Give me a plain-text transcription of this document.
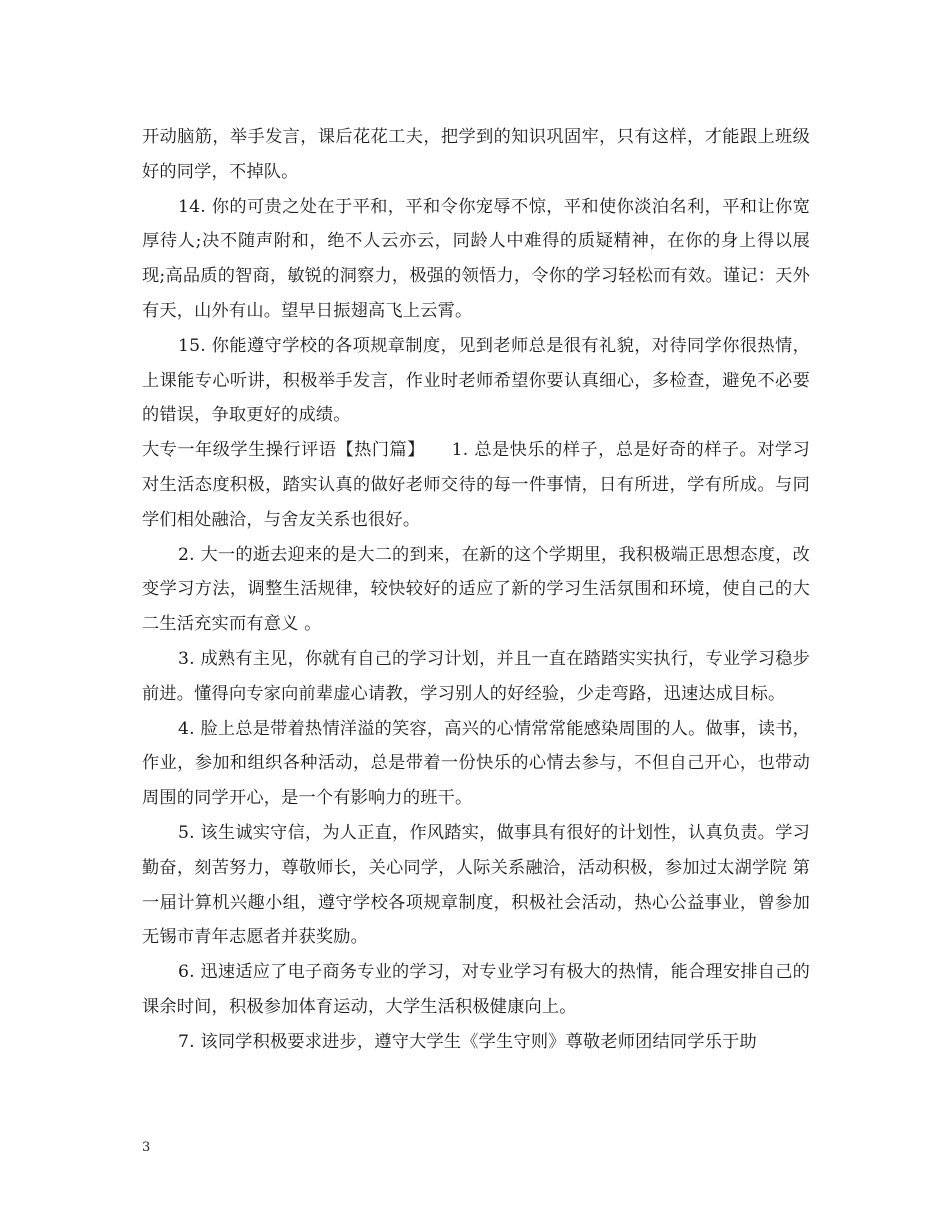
开动脑筋，举手发言，课后花花工夫，把学到的知识巩固牢，只有这样，才能跟上班级好的同学，不掉队。

14. 你的可贵之处在于平和，平和令你宠辱不惊，平和使你淡泊名利，平和让你宽厚待人;决不随声附和，绝不人云亦云，同龄人中难得的质疑精神，在你的身上得以展现;高品质的智商，敏锐的洞察力，极强的领悟力，令你的学习轻松而有效。谨记：天外有天，山外有山。望早日振翅高飞上云霄。

15. 你能遵守学校的各项规章制度，见到老师总是很有礼貌，对待同学你很热情，上课能专心听讲，积极举手发言，作业时老师希望你要认真细心，多检查，避免不必要的错误，争取更好的成绩。

大专一年级学生操行评语【热门篇】　　1. 总是快乐的样子，总是好奇的样子。对学习对生活态度积极，踏实认真的做好老师交待的每一件事情，日有所进，学有所成。与同学们相处融洽，与舍友关系也很好。

2. 大一的逝去迎来的是大二的到来，在新的这个学期里，我积极端正思想态度，改变学习方法，调整生活规律，较快较好的适应了新的学习生活氛围和环境，使自己的大二生活充实而有意义 。

3. 成熟有主见，你就有自己的学习计划，并且一直在踏踏实实执行，专业学习稳步前进。懂得向专家向前辈虚心请教，学习别人的好经验，少走弯路，迅速达成目标。

4. 脸上总是带着热情洋溢的笑容，高兴的心情常常能感染周围的人。做事，读书，作业，参加和组织各种活动，总是带着一份快乐的心情去参与，不但自己开心，也带动周围的同学开心，是一个有影响力的班干。

5. 该生诚实守信，为人正直，作风踏实，做事具有很好的计划性，认真负责。学习勤奋，刻苦努力，尊敬师长，关心同学，人际关系融洽，活动积极，参加过太湖学院 第一届计算机兴趣小组，遵守学校各项规章制度，积极社会活动，热心公益事业，曾参加无锡市青年志愿者并获奖励。

6. 迅速适应了电子商务专业的学习，对专业学习有极大的热情，能合理安排自己的课余时间，积极参加体育运动，大学生活积极健康向上。

7. 该同学积极要求进步，遵守大学生《学生守则》尊敬老师团结同学乐于助

3
